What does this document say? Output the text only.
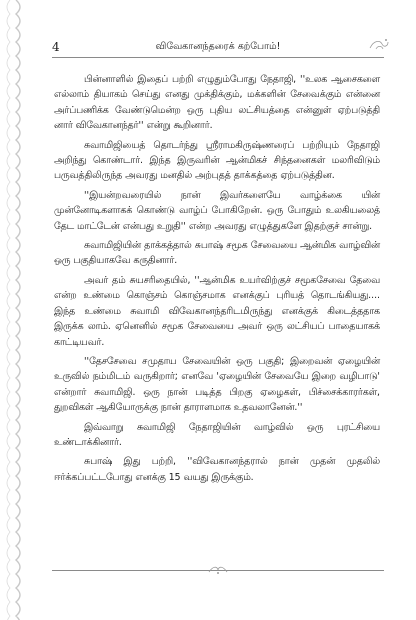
4	விவேகானந்தரைக் கற்போம்!

பின்னாளில் இதைப் பற்றி எழுதும்போது நேதாஜி, ''உலக ஆசைகளை எல்லாம் தியாகம் செய்து எனது முக்திக்கும், மக்களின் சேவைக்கும் என்னை அர்ப்பணிக்க வேண்டுமென்ற ஒரு புதிய லட்சியத்தை என்னுள் ஏற்படுத்தி னார் விவேகானந்தர்'' என்று கூறினார்.

சுவாமிஜியைத் தொடர்ந்து ஸ்ரீராமகிருஷ்ணரைப் பற்றியும் நேதாஜி அறிந்து கொண்டார். இந்த இருவரின் ஆன்மிகச் சிந்தனைகள் மலரிவிடும் பருவத்திலிருந்த அவரது மனதில் அற்புதத் தாக்கத்தை ஏற்படுத்தின.

''இயன்றவரையில் நான் இவர்களையே வாழ்க்கை யின் முன்னோடிகளாகக் கொண்டு வாழ்ப் போகிறேன். ஒரு போதும் உலகியலைத் தேட மாட்டேன் என்பது உறுதி'' என்ற அவரது எழுத்துகளே இதற்குச் சான்று.

சுவாமிஜியின் தாக்கத்தால் சுபாஷ் சமூக சேவையை ஆன்மிக வாழ்வின் ஒரு பகுதியாகவே கருதினார்.

அவர் தம் சுயசரிதையில், ''ஆன்மிக உயர்விற்குச் சமூகசேவை தேவை என்ற உண்மை கொஞ்சம் கொஞ்சமாக எனக்குப் புரியத் தொடங்கியது.... இந்த உண்மை சுவாமி விவேகானந்தரிடமிருந்து எனக்குக் கிடைத்ததாக இருக்க லாம். ஏனெனில் சமூக சேவையை அவர் ஒரு லட்சியப் பாதையாகக் காட்டியவர்.

''தேசசேவை சமுதாய சேவையின் ஒரு பகுதி; இறைவன் ஏழையின் உருவில் நம்மிடம் வருகிறார்; எனவே 'ஏழையின் சேவையே இறை வழிபாடு' என்றார் சுவாமிஜி. ஒரு நான் படித்த பிறகு ஏழைகள், பிச்சைக்காரர்கள், துறவிகள் ஆகியோருக்கு நான் தாராளமாக உதவலானேன்.''

இவ்வாறு சுவாமிஜி நேதாஜியின் வாழ்வில் ஒரு புரட்சியை உண்டாக்கினார்.

சுபாஷ் இது பற்றி, ''விவேகானந்தரால் நான் முதன் முதலில் ஈர்க்கப்பட்டபோது எனக்கு 15 வயது இருக்கும்.
